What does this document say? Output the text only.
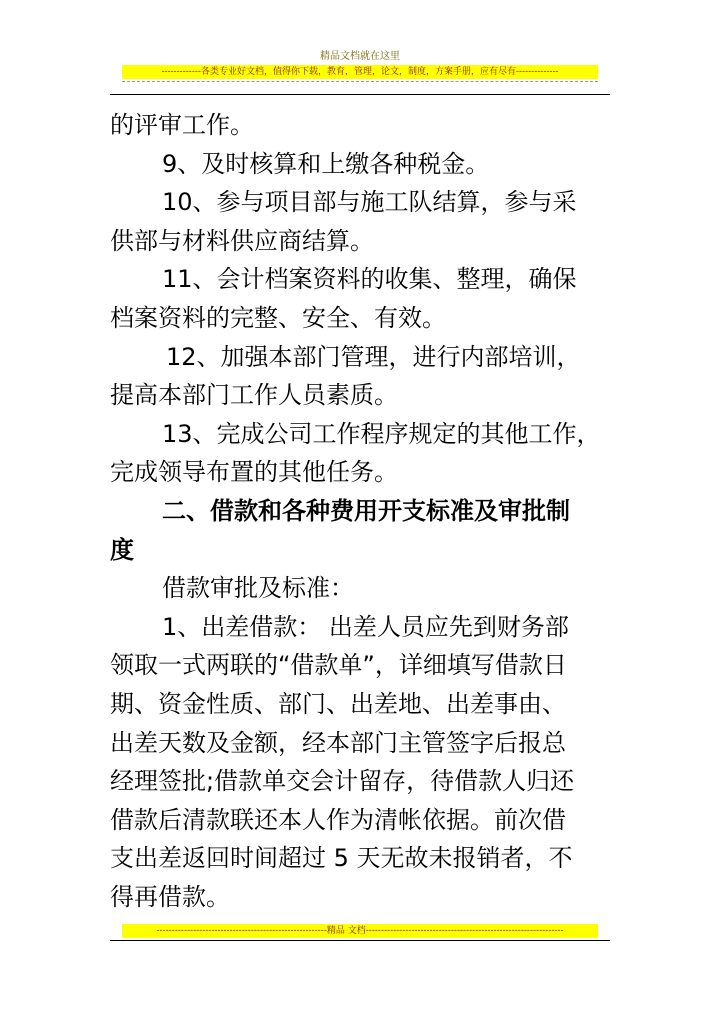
精品文档就在这里
-------------各类专业好文档，值得你下载，教育，管理，论文，制度，方案手册，应有尽有--------------
的评审工作。
9、及时核算和上缴各种税金。
10、参与项目部与施工队结算，参与采
供部与材料供应商结算。
11、会计档案资料的收集、整理，确保
档案资料的完整、安全、有效。
12、加强本部门管理，进行内部培训，
提高本部门工作人员素质。
13、完成公司工作程序规定的其他工作，
完成领导布置的其他任务。
二、借款和各种费用开支标准及审批制
度
借款审批及标准：
1、出差借款： 出差人员应先到财务部
领取一式两联的“借款单”，详细填写借款日
期、资金性质、部门、出差地、出差事由、
出差天数及金额，经本部门主管签字后报总
经理签批;借款单交会计留存，待借款人归还
借款后清款联还本人作为清帐依据。前次借
支出差返回时间超过 5 天无故未报销者，不
得再借款。
--------------------------------------------------------精品 文档-----------------------------------------------------------------
